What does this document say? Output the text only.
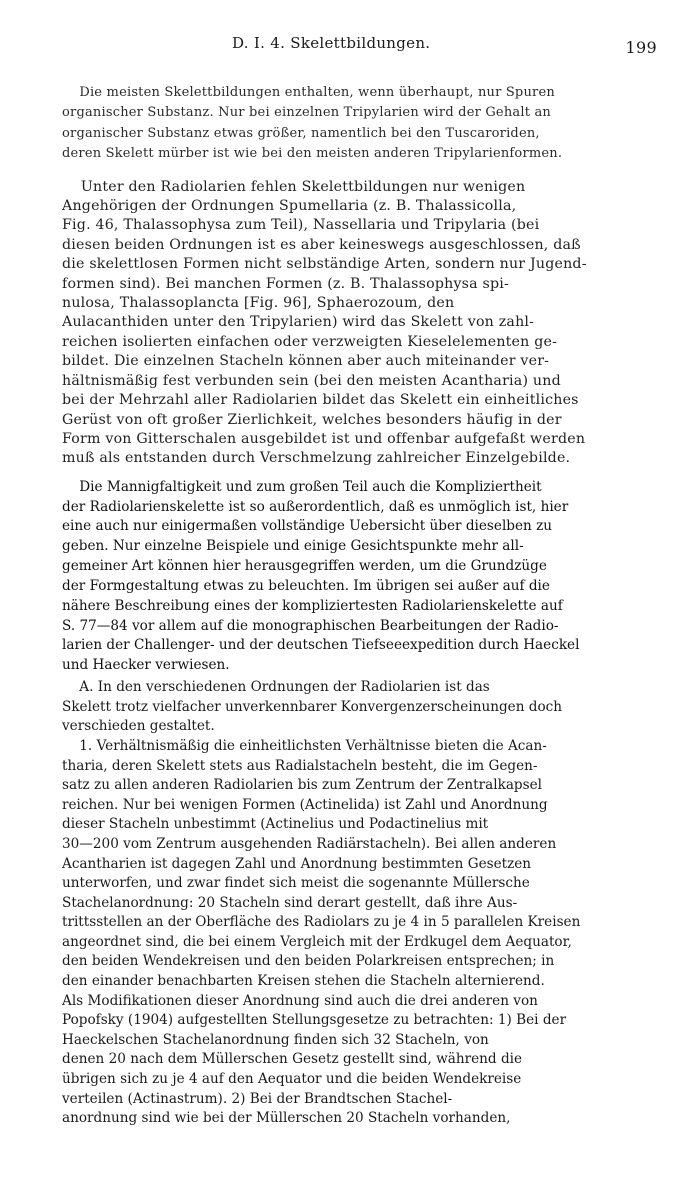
D. I. 4. Skelettbildungen.	199
Die meisten Skelettbildungen enthalten, wenn überhaupt, nur Spuren
organischer Substanz. Nur bei einzelnen Tripylarien wird der Gehalt an
organischer Substanz etwas größer, namentlich bei den Tuscaroriden,
deren Skelett mürber ist wie bei den meisten anderen Tripylarienformen.
Unter den Radiolarien fehlen Skelettbildungen nur wenigen
Angehörigen der Ordnungen Spumellaria (z. B. Thalassicolla,
Fig. 46, Thalassophysa zum Teil), Nassellaria und Tripylaria (bei
diesen beiden Ordnungen ist es aber keineswegs ausgeschlossen, daß
die skelettlosen Formen nicht selbständige Arten, sondern nur Jugend-
formen sind). Bei manchen Formen (z. B. Thalassophysa spi-
nulosa, Thalassoplancta [Fig. 96], Sphaerozoum, den
Aulacanthiden unter den Tripylarien) wird das Skelett von zahl-
reichen isolierten einfachen oder verzweigten Kieselelementen ge-
bildet. Die einzelnen Stacheln können aber auch miteinander ver-
hältnismäßig fest verbunden sein (bei den meisten Acantharia) und
bei der Mehrzahl aller Radiolarien bildet das Skelett ein einheitliches
Gerüst von oft großer Zierlichkeit, welches besonders häufig in der
Form von Gitterschalen ausgebildet ist und offenbar aufgefaßt werden
muß als entstanden durch Verschmelzung zahlreicher Einzelgebilde.
Die Mannigfaltigkeit und zum großen Teil auch die Kompliziertheit
der Radiolarienskelette ist so außerordentlich, daß es unmöglich ist, hier
eine auch nur einigermaßen vollständige Uebersicht über dieselben zu
geben. Nur einzelne Beispiele und einige Gesichtspunkte mehr all-
gemeiner Art können hier herausgegriffen werden, um die Grundzüge
der Formgestaltung etwas zu beleuchten. Im übrigen sei außer auf die
nähere Beschreibung eines der kompliziertesten Radiolarienskelette auf
S. 77—84 vor allem auf die monographischen Bearbeitungen der Radio-
larien der Challenger- und der deutschen Tiefseeexpedition durch Haeckel
und Haecker verwiesen.
A. In den verschiedenen Ordnungen der Radiolarien ist das
Skelett trotz vielfacher unverkennbarer Konvergenzerscheinungen doch
verschieden gestaltet.
1. Verhältnismäßig die einheitlichsten Verhältnisse bieten die Acan-
tharia, deren Skelett stets aus Radialstacheln besteht, die im Gegen-
satz zu allen anderen Radiolarien bis zum Zentrum der Zentralkapsel
reichen. Nur bei wenigen Formen (Actinelida) ist Zahl und Anordnung
dieser Stacheln unbestimmt (Actinelius und Podactinelius mit
30—200 vom Zentrum ausgehenden Radiärstacheln). Bei allen anderen
Acantharien ist dagegen Zahl und Anordnung bestimmten Gesetzen
unterworfen, und zwar findet sich meist die sogenannte Müllersche
Stachelanordnung: 20 Stacheln sind derart gestellt, daß ihre Aus-
trittsstellen an der Oberfläche des Radiolars zu je 4 in 5 parallelen Kreisen
angeordnet sind, die bei einem Vergleich mit der Erdkugel dem Aequator,
den beiden Wendekreisen und den beiden Polarkreisen entsprechen; in
den einander benachbarten Kreisen stehen die Stacheln alternierend.
Als Modifikationen dieser Anordnung sind auch die drei anderen von
Popofsky (1904) aufgestellten Stellungsgesetze zu betrachten: 1) Bei der
Haeckelschen Stachelanordnung finden sich 32 Stacheln, von
denen 20 nach dem Müllerschen Gesetz gestellt sind, während die
übrigen sich zu je 4 auf den Aequator und die beiden Wendekreise
verteilen (Actinastrum). 2) Bei der Brandtschen Stachel-
anordnung sind wie bei der Müllerschen 20 Stacheln vorhanden,
